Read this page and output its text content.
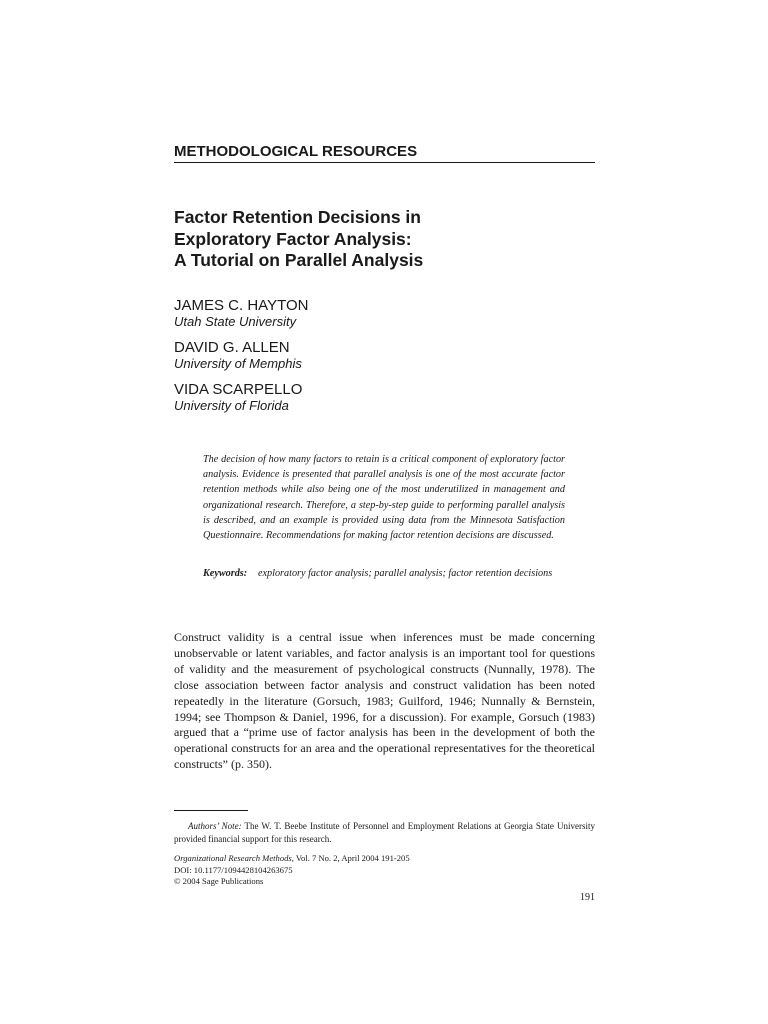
METHODOLOGICAL RESOURCES
Factor Retention Decisions in
Exploratory Factor Analysis:
A Tutorial on Parallel Analysis
JAMES C. HAYTON
Utah State University
DAVID G. ALLEN
University of Memphis
VIDA SCARPELLO
University of Florida
The decision of how many factors to retain is a critical component of exploratory factor analysis. Evidence is presented that parallel analysis is one of the most accurate factor retention methods while also being one of the most underutilized in management and organizational research. Therefore, a step-by-step guide to performing parallel analysis is described, and an example is provided using data from the Minnesota Satisfaction Questionnaire. Recommendations for making factor retention decisions are discussed.
Keywords: exploratory factor analysis; parallel analysis; factor retention decisions
Construct validity is a central issue when inferences must be made concerning unobservable or latent variables, and factor analysis is an important tool for questions of validity and the measurement of psychological constructs (Nunnally, 1978). The close association between factor analysis and construct validation has been noted repeatedly in the literature (Gorsuch, 1983; Guilford, 1946; Nunnally & Bernstein, 1994; see Thompson & Daniel, 1996, for a discussion). For example, Gorsuch (1983) argued that a “prime use of factor analysis has been in the development of both the operational constructs for an area and the operational representatives for the theoretical constructs” (p. 350).
Authors’ Note: The W. T. Beebe Institute of Personnel and Employment Relations at Georgia State University provided financial support for this research.
Organizational Research Methods, Vol. 7 No. 2, April 2004 191-205
DOI: 10.1177/1094428104263675
© 2004 Sage Publications
191
